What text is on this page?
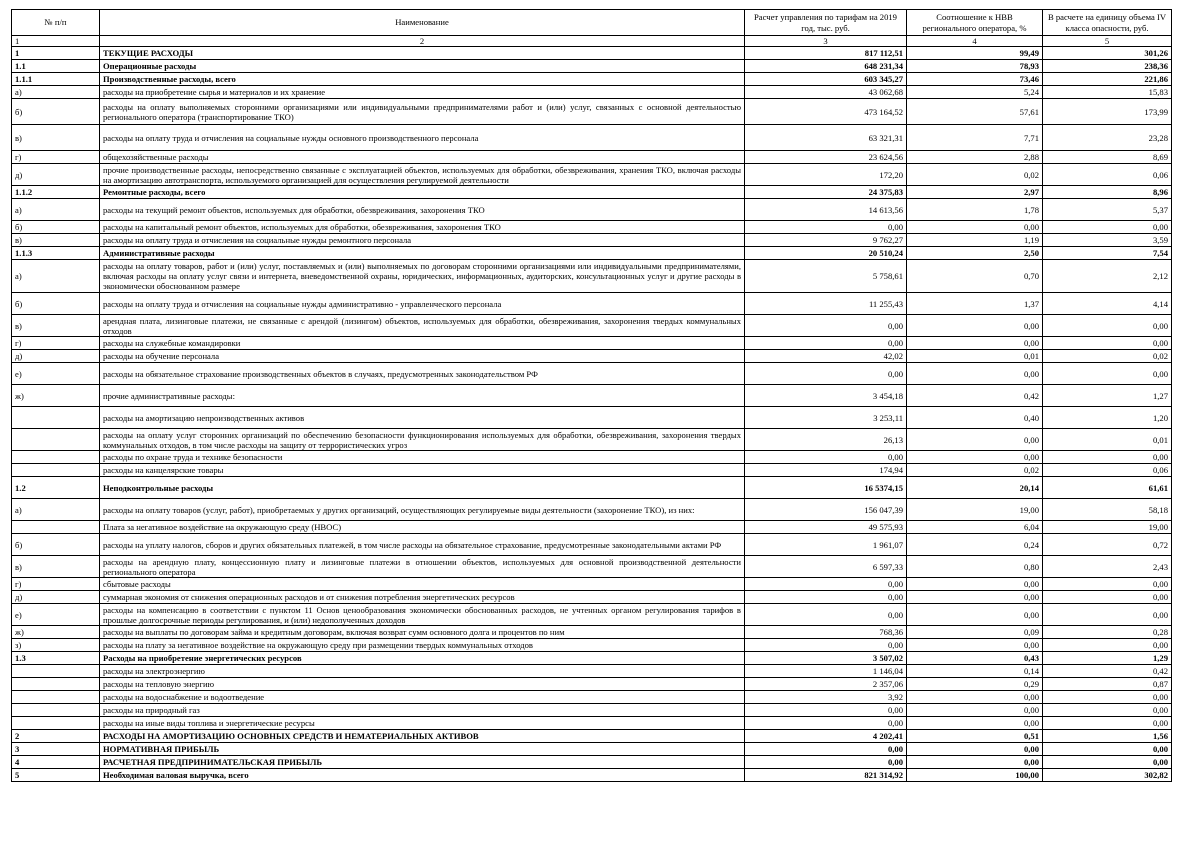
№ п/п	Наименование	Расчет управления по тарифам на 2019 год, тыс. руб.	Соотношение к НВВ регионального оператора, %	В расчете на единицу объема IV класса опасности, руб.
1	2	3	4	5
1	ТЕКУЩИЕ РАСХОДЫ	817 112,51	99,49	301,26
1.1	Операционные расходы	648 231,34	78,93	238,36
1.1.1	Производственные расходы, всего	603 345,27	73,46	221,86
а)	расходы на приобретение сырья и материалов и их хранение	43 062,68	5,24	15,83
б)	расходы на оплату выполняемых сторонними организациями или индивидуальными предпринимателями работ и (или) услуг, связанных с основной деятельностью регионального оператора (транспортирование ТКО)	473 164,52	57,61	173,99
в)	расходы на оплату труда и отчисления на социальные нужды основного производственного персонала	63 321,31	7,71	23,28
г)	общехозяйственные расходы	23 624,56	2,88	8,69
д)	прочие производственные расходы, непосредственно связанные с эксплуатацией объектов, используемых для обработки, обезвреживания, хранения ТКО, включая расходы на амортизацию автотранспорта, используемого организацией для осуществления регулируемой деятельности	172,20	0,02	0,06
1.1.2	Ремонтные расходы, всего	24 375,83	2,97	8,96
а)	расходы на текущий ремонт объектов, используемых для обработки, обезвреживания, захоронения ТКО	14 613,56	1,78	5,37
б)	расходы на капитальный ремонт объектов, используемых для обработки, обезвреживания, захоронения ТКО	0,00	0,00	0,00
в)	расходы на оплату труда и отчисления на социальные нужды ремонтного персонала	9 762,27	1,19	3,59
1.1.3	Административные расходы	20 510,24	2,50	7,54
а)	расходы на оплату товаров, работ и (или) услуг, поставляемых и (или) выполняемых по договорам сторонними организациями или индивидуальными предпринимателями, включая расходы на оплату услуг связи и интернета, вневедомственной охраны, юридических, информационных, аудиторских, консультационных услуг и другие расходы в экономически обоснованном размере	5 758,61	0,70	2,12
б)	расходы на оплату труда и отчисления на социальные нужды административно - управленческого персонала	11 255,43	1,37	4,14
в)	арендная плата, лизинговые платежи, не связанные с арендой (лизингом) объектов, используемых для обработки, обезвреживания, захоронения твердых коммунальных отходов	0,00	0,00	0,00
г)	расходы на служебные командировки	0,00	0,00	0,00
д)	расходы на обучение персонала	42,02	0,01	0,02
е)	расходы на обязательное страхование производственных объектов в случаях, предусмотренных законодательством РФ	0,00	0,00	0,00
ж)	прочие административные расходы:	3 454,18	0,42	1,27
	расходы на амортизацию непроизводственных активов	3 253,11	0,40	1,20
	расходы на оплату услуг сторонних организаций по обеспечению безопасности функционирования используемых для обработки, обезвреживания, захоронения твердых коммунальных отходов, в том числе расходы на защиту от террористических угроз	26,13	0,00	0,01
	расходы по охране труда и технике безопасности	0,00	0,00	0,00
	расходы на канцелярские товары	174,94	0,02	0,06
1.2	Неподконтрольные расходы	16 5374,15	20,14	61,61
а)	расходы на оплату товаров (услуг, работ), приобретаемых у других организаций, осуществляющих регулируемые виды деятельности (захоронение ТКО), из них:	156 047,39	19,00	58,18
	Плата за негативное воздействие на окружающую среду (НВОС)	49 575,93	6,04	19,00
б)	расходы на уплату налогов, сборов и других обязательных платежей, в том числе расходы на обязательное страхование, предусмотренные законодательными актами РФ	1 961,07	0,24	0,72
в)	расходы на арендную плату, концессионную плату и лизинговые платежи в отношении объектов, используемых для основной производственной деятельности регионального оператора	6 597,33	0,80	2,43
г)	сбытовые расходы	0,00	0,00	0,00
д)	суммарная экономия от снижения операционных расходов и от снижения потребления энергетических ресурсов	0,00	0,00	0,00
е)	расходы на компенсацию в соответствии с пунктом 11 Основ ценообразования экономически обоснованных расходов, не учтенных органом регулирования тарифов в прошлые долгосрочные периоды регулирования, и (или) недополученных доходов	0,00	0,00	0,00
ж)	расходы на выплаты по договорам займа и кредитным договорам, включая возврат сумм основного долга и процентов по ним	768,36	0,09	0,28
з)	расходы на плату за негативное воздействие на окружающую среду при размещении твердых коммунальных отходов	0,00	0,00	0,00
1.3	Расходы на приобретение энергетических ресурсов	3 507,02	0,43	1,29
	расходы на электроэнергию	1 146,04	0,14	0,42
	расходы на тепловую энергию	2 357,06	0,29	0,87
	расходы на водоснабжение и водоотведение	3,92	0,00	0,00
	расходы на природный газ	0,00	0,00	0,00
	расходы на иные виды топлива и энергетические ресурсы	0,00	0,00	0,00
2	РАСХОДЫ НА АМОРТИЗАЦИЮ ОСНОВНЫХ СРЕДСТВ И НЕМАТЕРИАЛЬНЫХ АКТИВОВ	4 202,41	0,51	1,56
3	НОРМАТИВНАЯ ПРИБЫЛЬ	0,00	0,00	0,00
4	РАСЧЕТНАЯ ПРЕДПРИНИМАТЕЛЬСКАЯ ПРИБЫЛЬ	0,00	0,00	0,00
5	Необходимая валовая выручка, всего	821 314,92	100,00	302,82
